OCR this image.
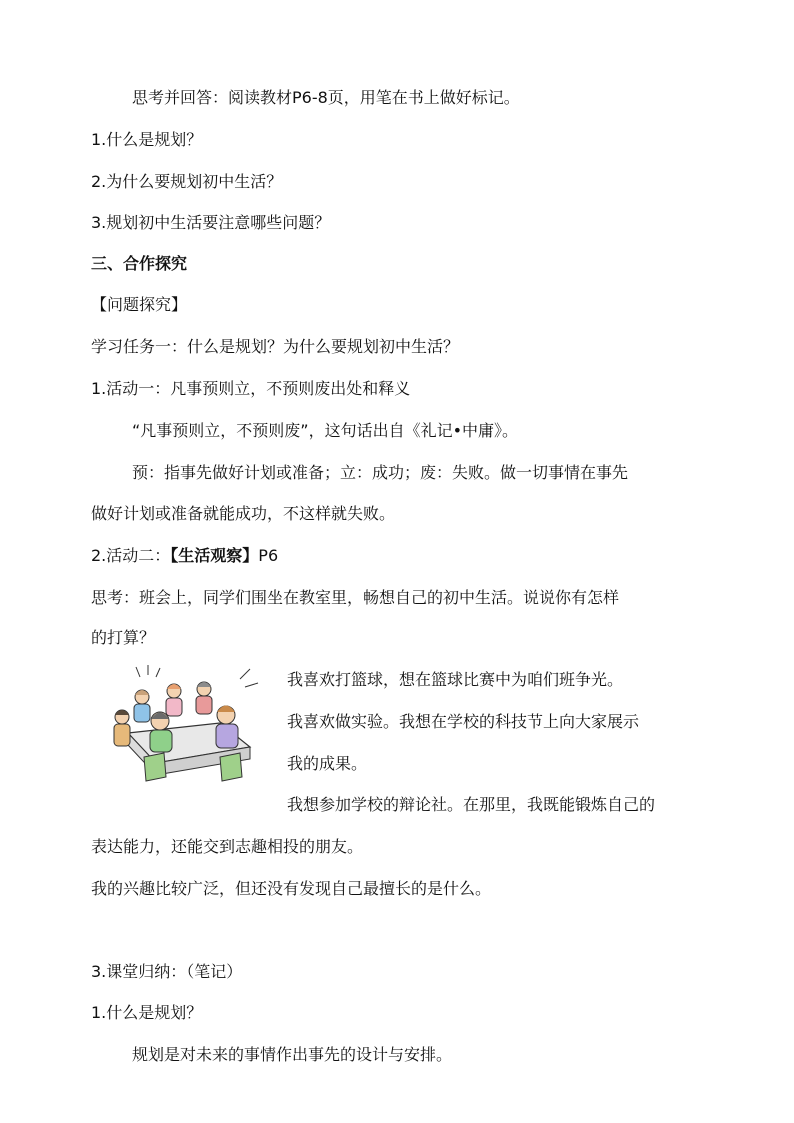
思考并回答：阅读教材P6-8页，用笔在书上做好标记。

1.什么是规划？

2.为什么要规划初中生活？

3.规划初中生活要注意哪些问题？

三、合作探究

【问题探究】

学习任务一：什么是规划？为什么要规划初中生活？

1.活动一：凡事预则立，不预则废出处和释义

“凡事预则立，不预则废”，这句话出自《礼记•中庸》。

预：指事先做好计划或准备；立：成功；废：失败。做一切事情在事先

做好计划或准备就能成功，不这样就失败。

2.活动二：【生活观察】P6

思考：班会上，同学们围坐在教室里，畅想自己的初中生活。说说你有怎样

的打算？

我喜欢打篮球，想在篮球比赛中为咱们班争光。

我喜欢做实验。我想在学校的科技节上向大家展示

我的成果。

我想参加学校的辩论社。在那里，我既能锻炼自己的

表达能力，还能交到志趣相投的朋友。

我的兴趣比较广泛，但还没有发现自己最擅长的是什么。

3.课堂归纳：（笔记）

1.什么是规划？

规划是对未来的事情作出事先的设计与安排。
